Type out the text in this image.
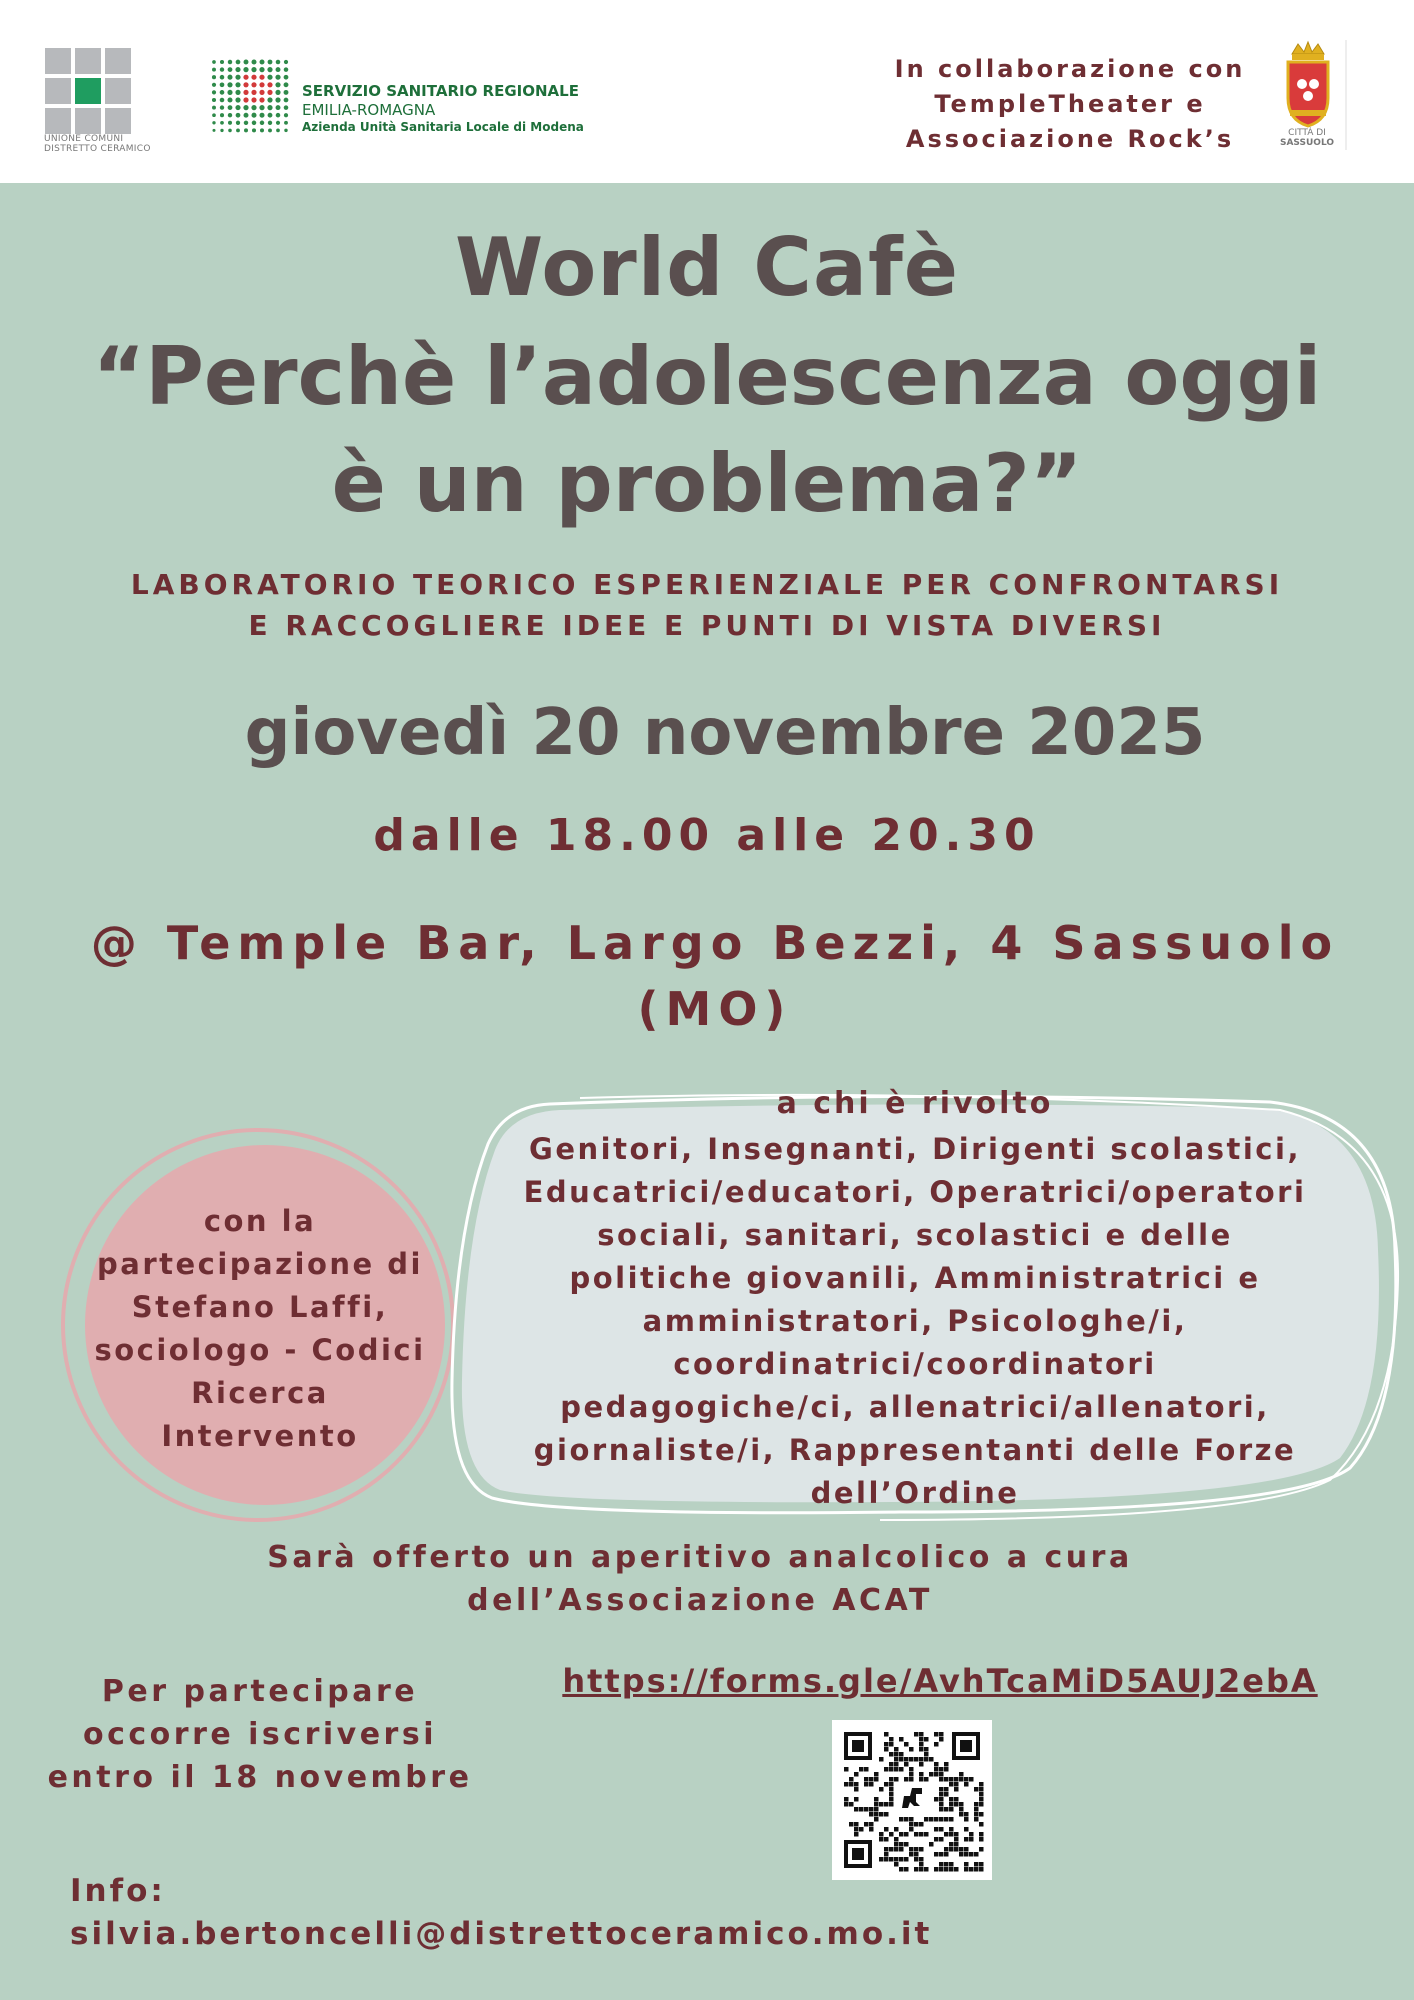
UNIONE COMUNI
DISTRETTO CERAMICO
SERVIZIO SANITARIO REGIONALE
EMILIA-ROMAGNA
Azienda Unità Sanitaria Locale di Modena
In collaborazione con
TempleTheater e
Associazione Rock’s	CITTÀ DI
SASSUOLO
World Cafè
“Perchè l’adolescenza oggi
è un problema?”
LABORATORIO TEORICO ESPERIENZIALE PER CONFRONTARSI
E RACCOGLIERE IDEE E PUNTI DI VISTA DIVERSI
giovedì 20 novembre 2025
dalle 18.00 alle 20.30
@ Temple Bar, Largo Bezzi, 4 Sassuolo
(MO)
con la
partecipazione di
Stefano Laffi,
sociologo - Codici
Ricerca
Intervento
a chi è rivolto
Genitori, Insegnanti, Dirigenti scolastici,
Educatrici/educatori, Operatrici/operatori
sociali, sanitari, scolastici e delle
politiche giovanili, Amministratrici e
amministratori, Psicologhe/i,
coordinatrici/coordinatori
pedagogiche/ci, allenatrici/allenatori,
giornaliste/i, Rappresentanti delle Forze
dell’Ordine
Sarà offerto un aperitivo analcolico a cura
dell’Associazione ACAT
Per partecipare
occorre iscriversi
entro il 18 novembre
https://forms.gle/AvhTcaMiD5AUJ2ebA
Info:
silvia.bertoncelli@distrettoceramico.mo.it
